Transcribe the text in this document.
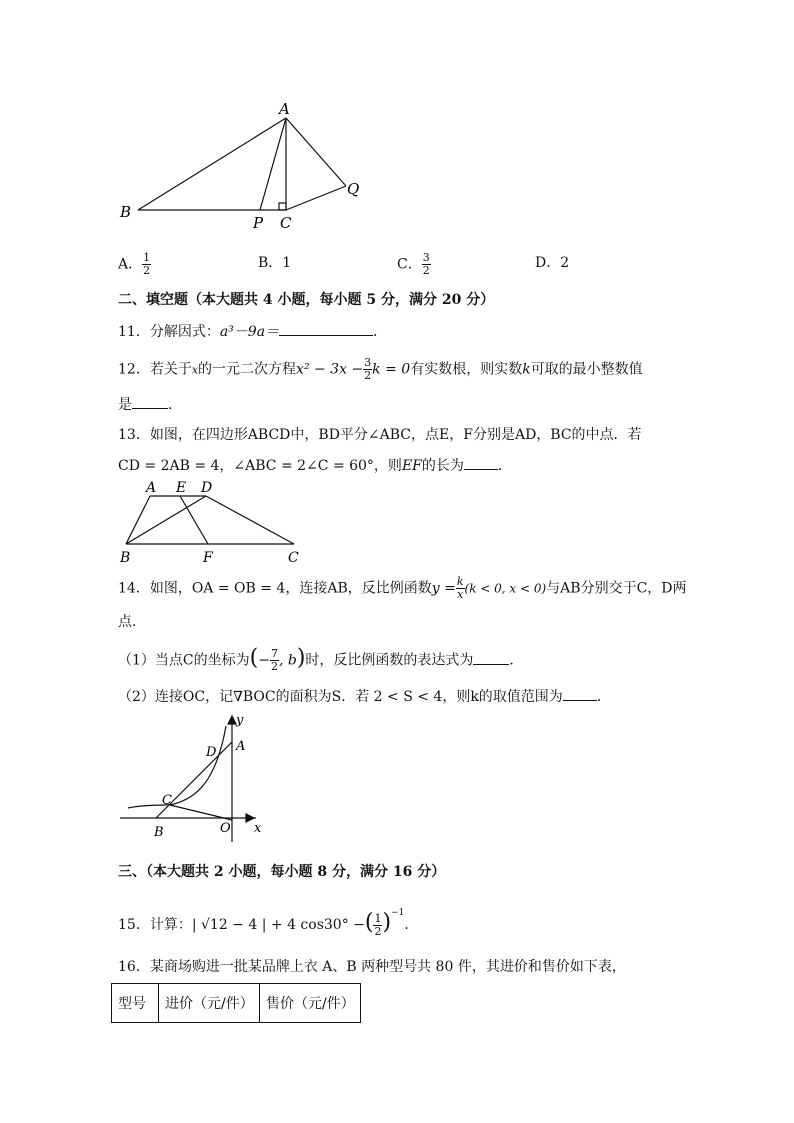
A
B
P C
Q
A． $\frac{1}{2}$	B．1	C． $\frac{3}{2}$	D．2
二、填空题（本大题共 4 小题，每小题 5 分，满分 20 分）
11．分解因式：a³－9a＝	．
12．若关于x的一元二次方程$x^2 - 3x - \frac{3}{2}$ k = 0有实数根，则实数k可取的最小整数值
是	．
13．如图，在四边形ABCD中，BD平分∠ABC，点E，F分别是AD，BC的中点．若
CD = 2AB = 4，∠ABC = 2∠C = 60°，则EF的长为 ．
A E D
B	F	C
14．如图，OA = OB = 4，连接AB，反比例函数$y = \frac{k}{x} (k < 0$, x < 0)与AB分别交于C，D两
点．
（1）当点C的坐标为(− $\frac{7}{2}$ , b)时，反比例函数的表达式为	．
（2）连接OC，记∇BOC的面积为S．若 2 < S < 4，则k的取值范围为 ．
y
x
D A
C
B	O
三、（本大题共 2 小题，每小题 8 分，满分 16 分）
15．计算：| √12 − 4 | + 4 cos30° −( $\frac{1}{2} )^{-1}$．
16．某商场购进一批某品牌上衣 A、B 两种型号共 80 件，其进价和售价如下表，
型号	进价（元/件）	售价（元/件）
